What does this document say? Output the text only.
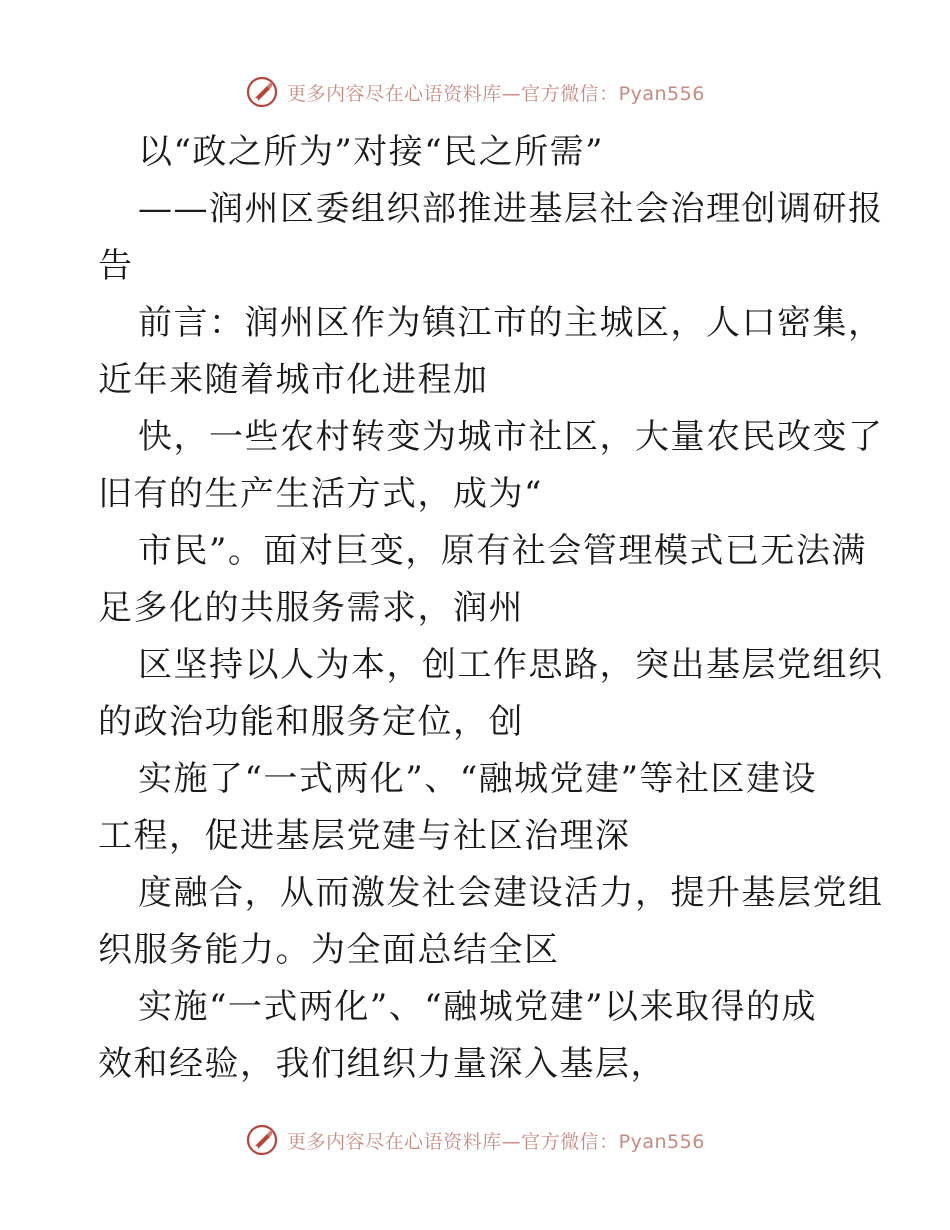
更多内容尽在心语资料库—官方微信：Pyan556
以“政之所为”对接“民之所需”
——润州区委组织部推进基层社会治理创调研报
告
前言：润州区作为镇江市的主城区，人口密集，
近年来随着城市化进程加
快，一些农村转变为城市社区，大量农民改变了
旧有的生产生活方式，成为“
市民”。面对巨变，原有社会管理模式已无法满
足多化的共服务需求，润州
区坚持以人为本，创工作思路，突出基层党组织
的政治功能和服务定位，创
实施了“一式两化”、“融城党建”等社区建设
工程，促进基层党建与社区治理深
度融合，从而激发社会建设活力，提升基层党组
织服务能力。为全面总结全区
实施“一式两化”、“融城党建”以来取得的成
效和经验，我们组织力量深入基层，
更多内容尽在心语资料库—官方微信：Pyan556
